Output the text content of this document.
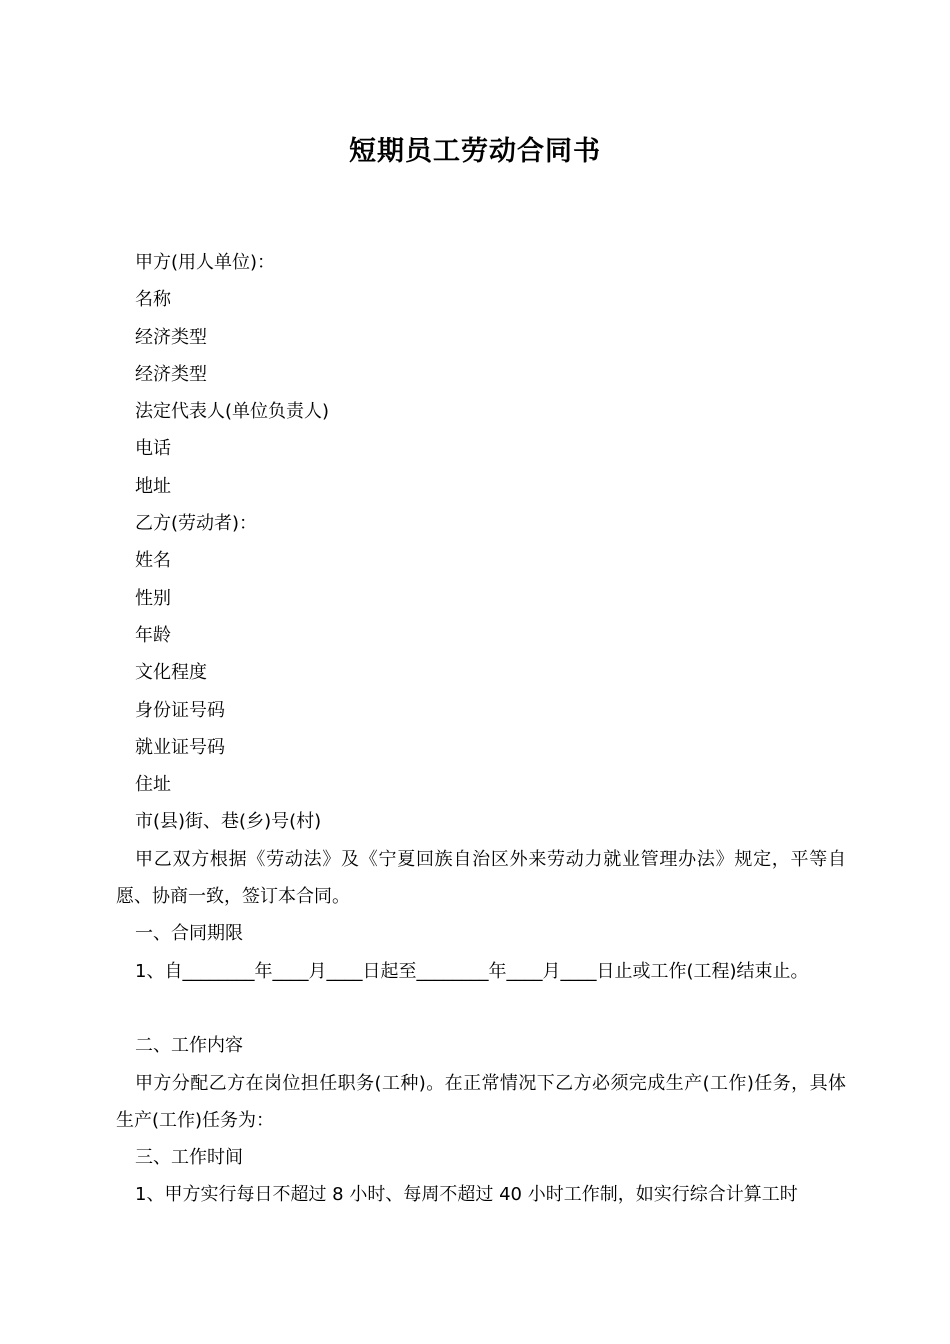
短期员工劳动合同书
甲方(用人单位)：
名称
经济类型
经济类型
法定代表人(单位负责人)
电话
地址
乙方(劳动者)：
姓名
性别
年龄
文化程度
身份证号码
就业证号码
住址
市(县)街、巷(乡)号(村)
甲乙双方根据《劳动法》及《宁夏回族自治区外来劳动力就业管理办法》规定，平等自愿、协商一致，签订本合同。
一、合同期限
1、自________年____月____日起至________年____月____日止或工作(工程)结束止。
二、工作内容
甲方分配乙方在岗位担任职务(工种)。在正常情况下乙方必须完成生产(工作)任务，具体生产(工作)任务为：
三、工作时间
1、甲方实行每日不超过 8 小时、每周不超过 40 小时工作制，如实行综合计算工时
